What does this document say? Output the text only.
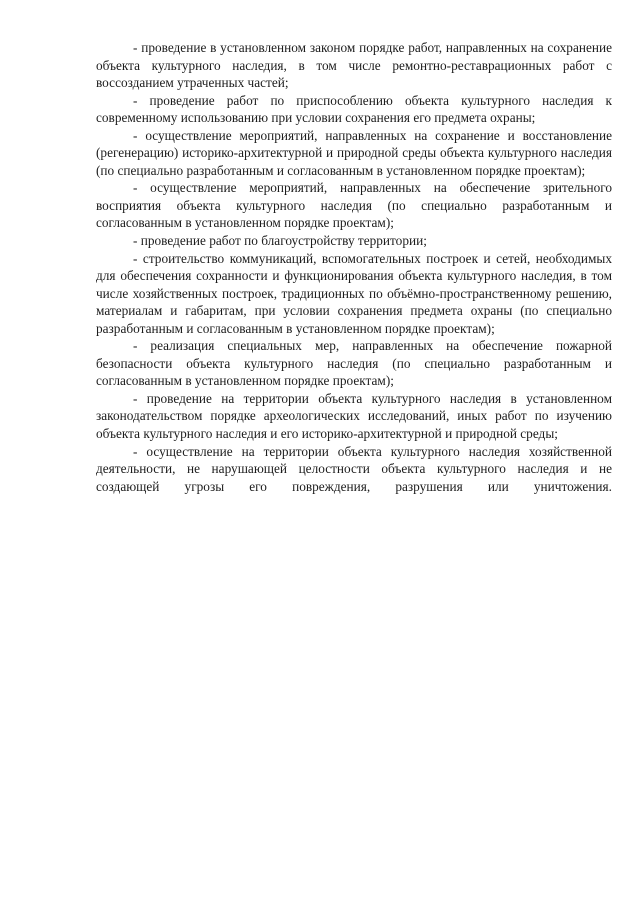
- проведение в установленном законом порядке работ, направленных на сохранение объекта культурного наследия, в том числе ремонтно-реставрационных работ с воссозданием утраченных частей;

- проведение работ по приспособлению объекта культурного наследия к современному использованию при условии сохранения его предмета охраны;

- осуществление мероприятий, направленных на сохранение и восстановление (регенерацию) историко-архитектурной и природной среды объекта культурного наследия (по специально разработанным и согласованным в установленном порядке проектам);

- осуществление мероприятий, направленных на обеспечение зрительного восприятия объекта культурного наследия (по специально разработанным и согласованным в установленном порядке проектам);

- проведение работ по благоустройству территории;

- строительство коммуникаций, вспомогательных построек и сетей, необходимых для обеспечения сохранности и функционирования объекта культурного наследия, в том числе хозяйственных построек, традиционных по объёмно-пространственному решению, материалам и габаритам, при условии сохранения предмета охраны (по специально разработанным и согласованным в установленном порядке проектам);

- реализация специальных мер, направленных на обеспечение пожарной безопасности объекта культурного наследия (по специально разработанным и согласованным в установленном порядке проектам);

- проведение на территории объекта культурного наследия в установленном законодательством порядке археологических исследований, иных работ по изучению объекта культурного наследия и его историко-архитектурной и природной среды;

- осуществление на территории объекта культурного наследия хозяйственной деятельности, не нарушающей целостности объекта культурного наследия и не создающей угрозы его повреждения, разрушения или уничтожения.
